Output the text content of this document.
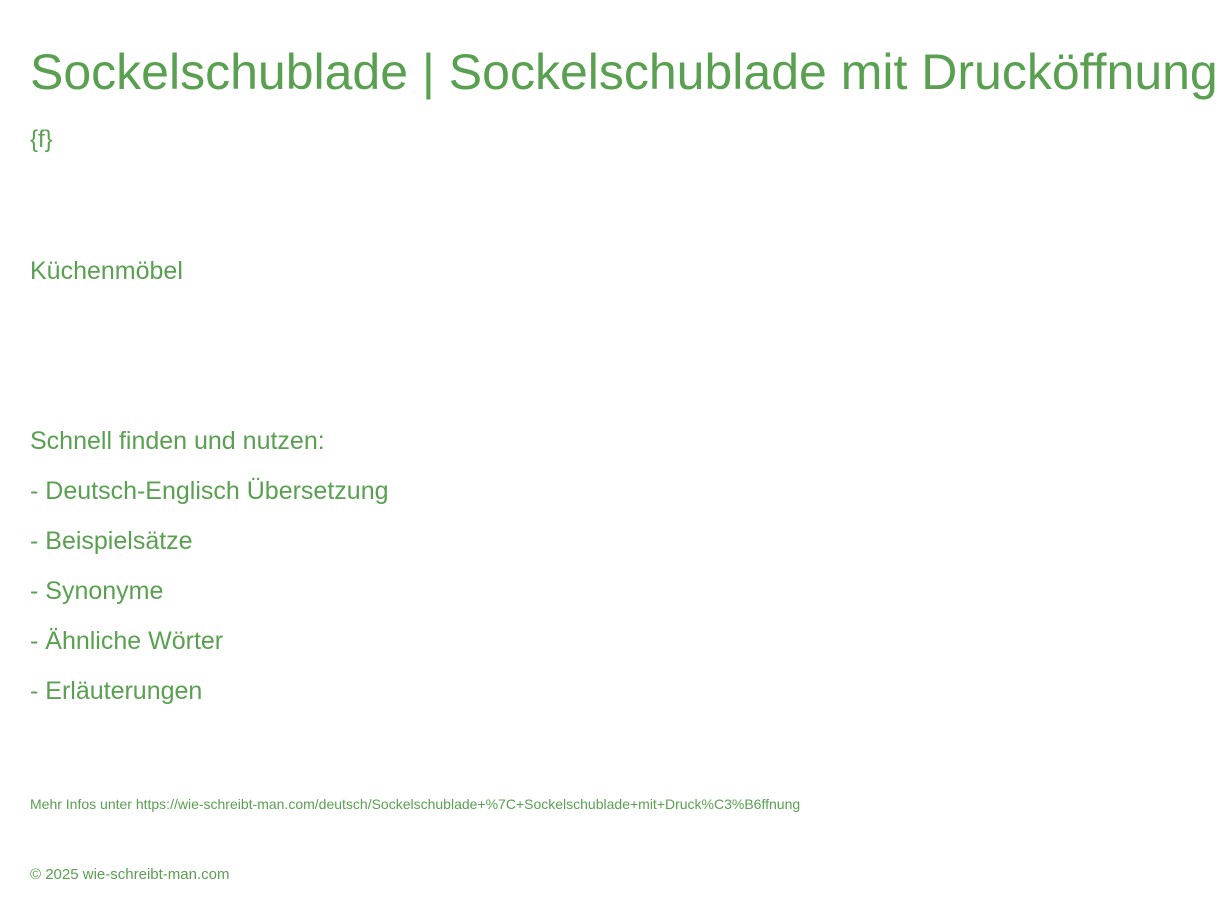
Sockelschublade | Sockelschublade mit Drucköffnung
{f}
Küchenmöbel
Schnell finden und nutzen:
- Deutsch-Englisch Übersetzung
- Beispielsätze
- Synonyme
- Ähnliche Wörter
- Erläuterungen
Mehr Infos unter https://wie-schreibt-man.com/deutsch/Sockelschublade+%7C+Sockelschublade+mit+Druck%C3%B6ffnung
© 2025 wie-schreibt-man.com
